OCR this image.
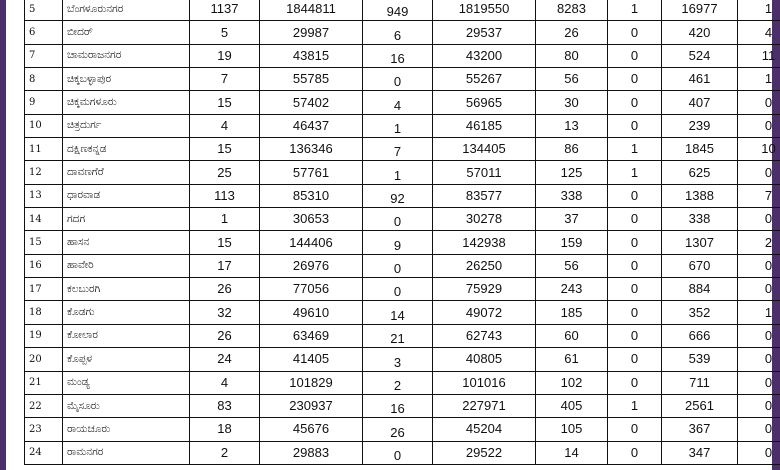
5	ಬೆಂಗಳೂರುನಗರ	1137	1844811	949	1819550	8283	1	16977	1

6	ಬೀದರ್	5	29987	6	29537	26	0	420	4

7	ಚಾಮರಾಜನಗರ	19	43815	16	43200	80	0	524	11

8	ಚಿಕ್ಕಬಳ್ಳಾಪುರ	7	55785	0	55267	56	0	461	1

9	ಚಿಕ್ಕಮಗಳೂರು	15	57402	4	56965	30	0	407	0

10	ಚಿತ್ರದುರ್ಗ	4	46437	1	46185	13	0	239	0

11	ದಕ್ಷಿಣಕನ್ನಡ	15	136346	7	134405	86	1	1845	10

12	ದಾವಣಗೆರೆ	25	57761	1	57011	125	1	625	0

13	ಧಾರವಾಡ	113	85310	92	83577	338	0	1388	7

14	ಗದಗ	1	30653	0	30278	37	0	338	0

15	ಹಾಸನ	15	144406	9	142938	159	0	1307	2

16	ಹಾವೇರಿ	17	26976	0	26250	56	0	670	0

17	ಕಲಬುರಗಿ	26	77056	0	75929	243	0	884	0

18	ಕೊಡಗು	32	49610	14	49072	185	0	352	1

19	ಕೋಲಾರ	26	63469	21	62743	60	0	666	0

20	ಕೊಪ್ಪಳ	24	41405	3	40805	61	0	539	0

21	ಮಂಡ್ಯ	4	101829	2	101016	102	0	711	0

22	ಮೈಸೂರು	83	230937	16	227971	405	1	2561	0

23	ರಾಯಚೂರು	18	45676	26	45204	105	0	367	0

24	ರಾಮನಗರ	2	29883	0	29522	14	0	347	0
